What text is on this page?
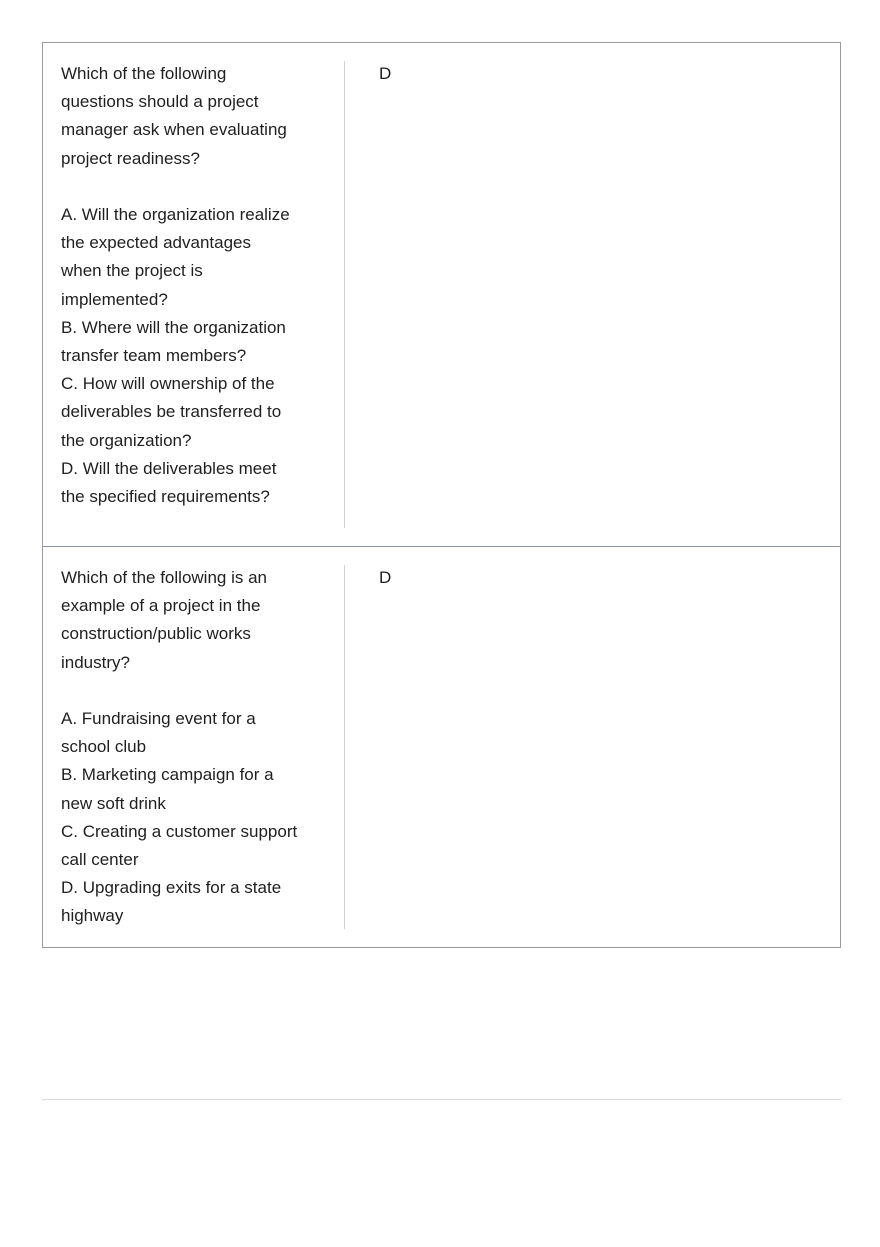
Which of the following
questions should a project
manager ask when evaluating
project readiness?

A. Will the organization realize
the expected advantages
when the project is
implemented?
B. Where will the organization
transfer team members?
C. How will ownership of the
deliverables be transferred to
the organization?
D. Will the deliverables meet
the specified requirements?
D
Which of the following is an
example of a project in the
construction/public works
industry?

A. Fundraising event for a
school club
B. Marketing campaign for a
new soft drink
C. Creating a customer support
call center
D. Upgrading exits for a state
highway
D
